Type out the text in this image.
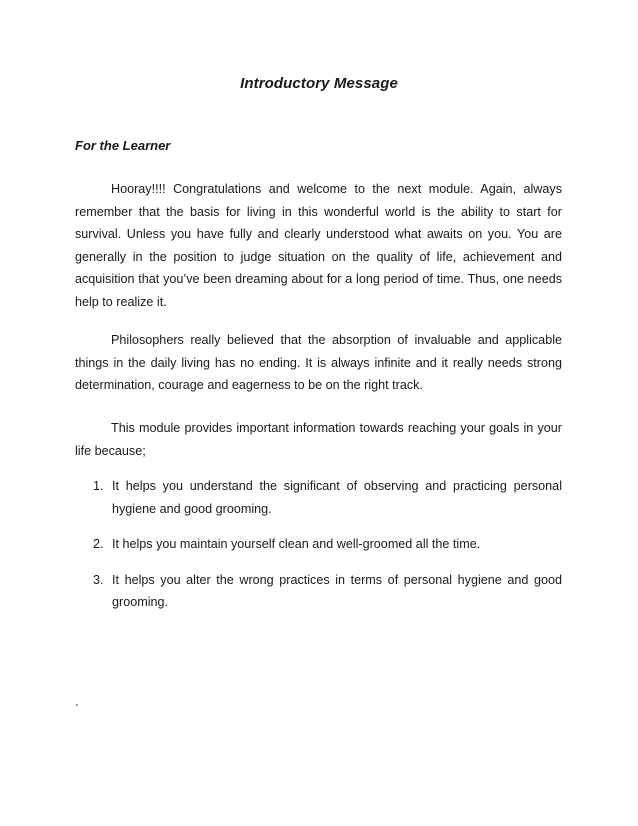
Introductory Message
For the Learner

Hooray!!!! Congratulations and welcome to the next module. Again, always remember that the basis for living in this wonderful world is the ability to start for survival. Unless you have fully and clearly understood what awaits on you. You are generally in the position to judge situation on the quality of life, achievement and acquisition that you’ve been dreaming about for a long period of time. Thus, one needs help to realize it.

Philosophers really believed that the absorption of invaluable and applicable things in the daily living has no ending. It is always infinite and it really needs strong determination, courage and eagerness to be on the right track.

This module provides important information towards reaching your goals in your life because;

1. It helps you understand the significant of observing and practicing personal hygiene and good grooming.
2. It helps you maintain yourself clean and well-groomed all the time.
3. It helps you alter the wrong practices in terms of personal hygiene and good grooming.
`
